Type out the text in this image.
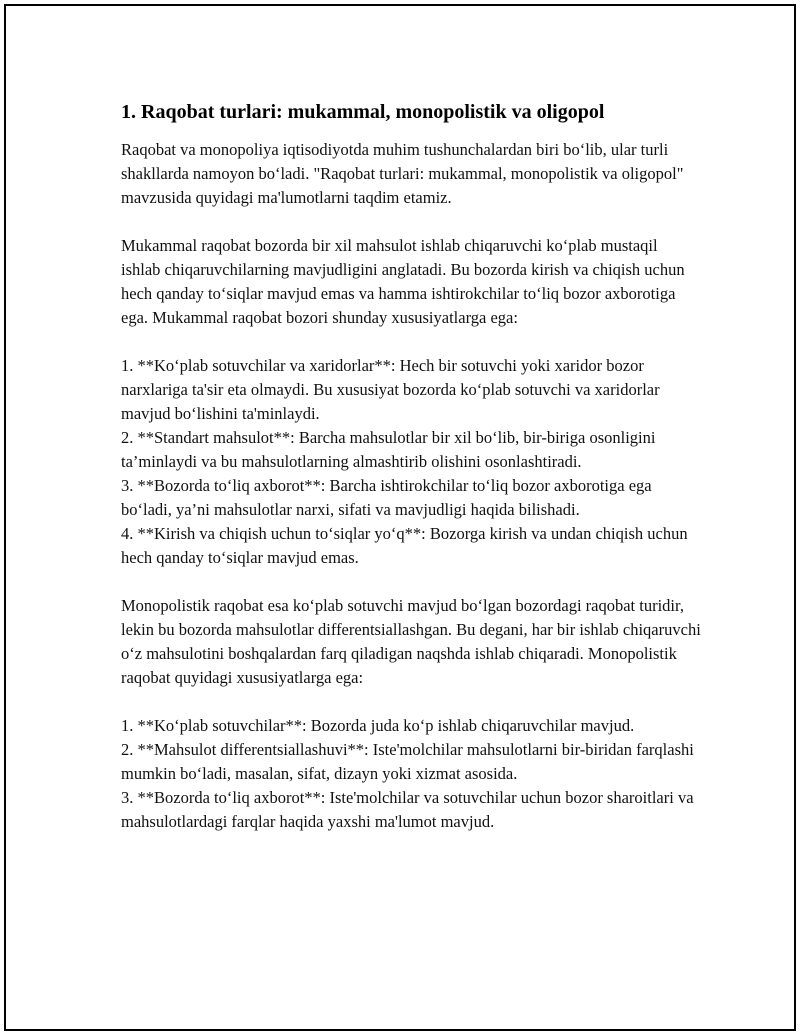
1. Raqobat turlari: mukammal, monopolistik va oligopol

Raqobat va monopoliya iqtisodiyotda muhim tushunchalardan biri bo‘lib, ular turli shakllarda namoyon bo‘ladi. "Raqobat turlari: mukammal, monopolistik va oligopol" mavzusida quyidagi ma'lumotlarni taqdim etamiz.

Mukammal raqobat bozorda bir xil mahsulot ishlab chiqaruvchi ko‘plab mustaqil ishlab chiqaruvchilarning mavjudligini anglatadi. Bu bozorda kirish va chiqish uchun hech qanday to‘siqlar mavjud emas va hamma ishtirokchilar to‘liq bozor axborotiga ega. Mukammal raqobat bozori shunday xususiyatlarga ega:

1. **Ko‘plab sotuvchilar va xaridorlar**: Hech bir sotuvchi yoki xaridor bozor narxlariga ta'sir eta olmaydi. Bu xususiyat bozorda ko‘plab sotuvchi va xaridorlar mavjud bo‘lishini ta'minlaydi.
2. **Standart mahsulot**: Barcha mahsulotlar bir xil bo‘lib, bir-biriga osonligini ta’minlaydi va bu mahsulotlarning almashtirib olishini osonlashtiradi.
3. **Bozorda to‘liq axborot**: Barcha ishtirokchilar to‘liq bozor axborotiga ega bo‘ladi, ya’ni mahsulotlar narxi, sifati va mavjudligi haqida bilishadi.
4. **Kirish va chiqish uchun to‘siqlar yo‘q**: Bozorga kirish va undan chiqish uchun hech qanday to‘siqlar mavjud emas.

Monopolistik raqobat esa ko‘plab sotuvchi mavjud bo‘lgan bozordagi raqobat turidir, lekin bu bozorda mahsulotlar differentsiallashgan. Bu degani, har bir ishlab chiqaruvchi o‘z mahsulotini boshqalardan farq qiladigan naqshda ishlab chiqaradi. Monopolistik raqobat quyidagi xususiyatlarga ega:

1. **Ko‘plab sotuvchilar**: Bozorda juda ko‘p ishlab chiqaruvchilar mavjud.
2. **Mahsulot differentsiallashuvi**: Iste'molchilar mahsulotlarni bir-biridan farqlashi mumkin bo‘ladi, masalan, sifat, dizayn yoki xizmat asosida.
3. **Bozorda to‘liq axborot**: Iste'molchilar va sotuvchilar uchun bozor sharoitlari va mahsulotlardagi farqlar haqida yaxshi ma'lumot mavjud.
